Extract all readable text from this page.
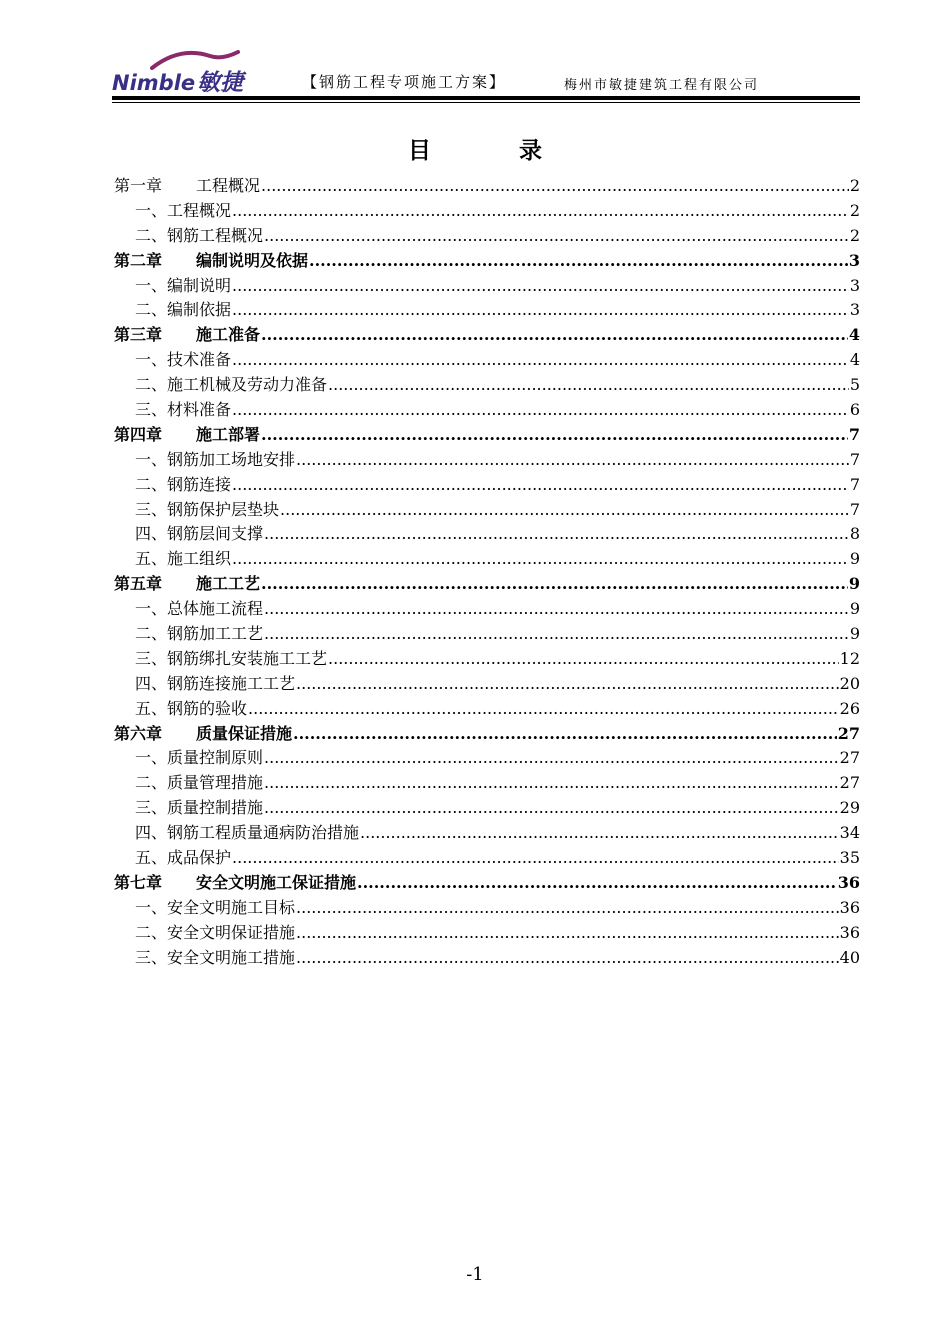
Nimble敏捷	【钢筋工程专项施工方案】	梅州市敏捷建筑工程有限公司
目 录
第一章	工程概况 .....	2
一、工程概况 .....	2
二、钢筋工程概况 .....	2
第二章	编制说明及依据 .....	3
一、编制说明 .....	3
二、编制依据 .....	3
第三章	施工准备 .....	4
一、技术准备 .....	4
二、施工机械及劳动力准备 .....	5
三、材料准备 .....	6
第四章	施工部署 .....	7
一、钢筋加工场地安排 .....	7
二、钢筋连接 .....	7
三、钢筋保护层垫块 .....	7
四、钢筋层间支撑 .....	8
五、施工组织 .....	9
第五章	施工工艺 .....	9
一、总体施工流程 .....	9
二、钢筋加工工艺 .....	9
三、钢筋绑扎安装施工工艺 .....	12
四、钢筋连接施工工艺 .....	20
五、钢筋的验收 .....	26
第六章	质量保证措施 .....	27
一、质量控制原则 .....	27
二、质量管理措施 .....	27
三、质量控制措施 .....	29
四、钢筋工程质量通病防治措施 .....	34
五、成品保护 .....	35
第七章	安全文明施工保证措施 .....	36
一、安全文明施工目标 .....	36
二、安全文明保证措施 .....	36
三、安全文明施工措施 .....	40
-1
